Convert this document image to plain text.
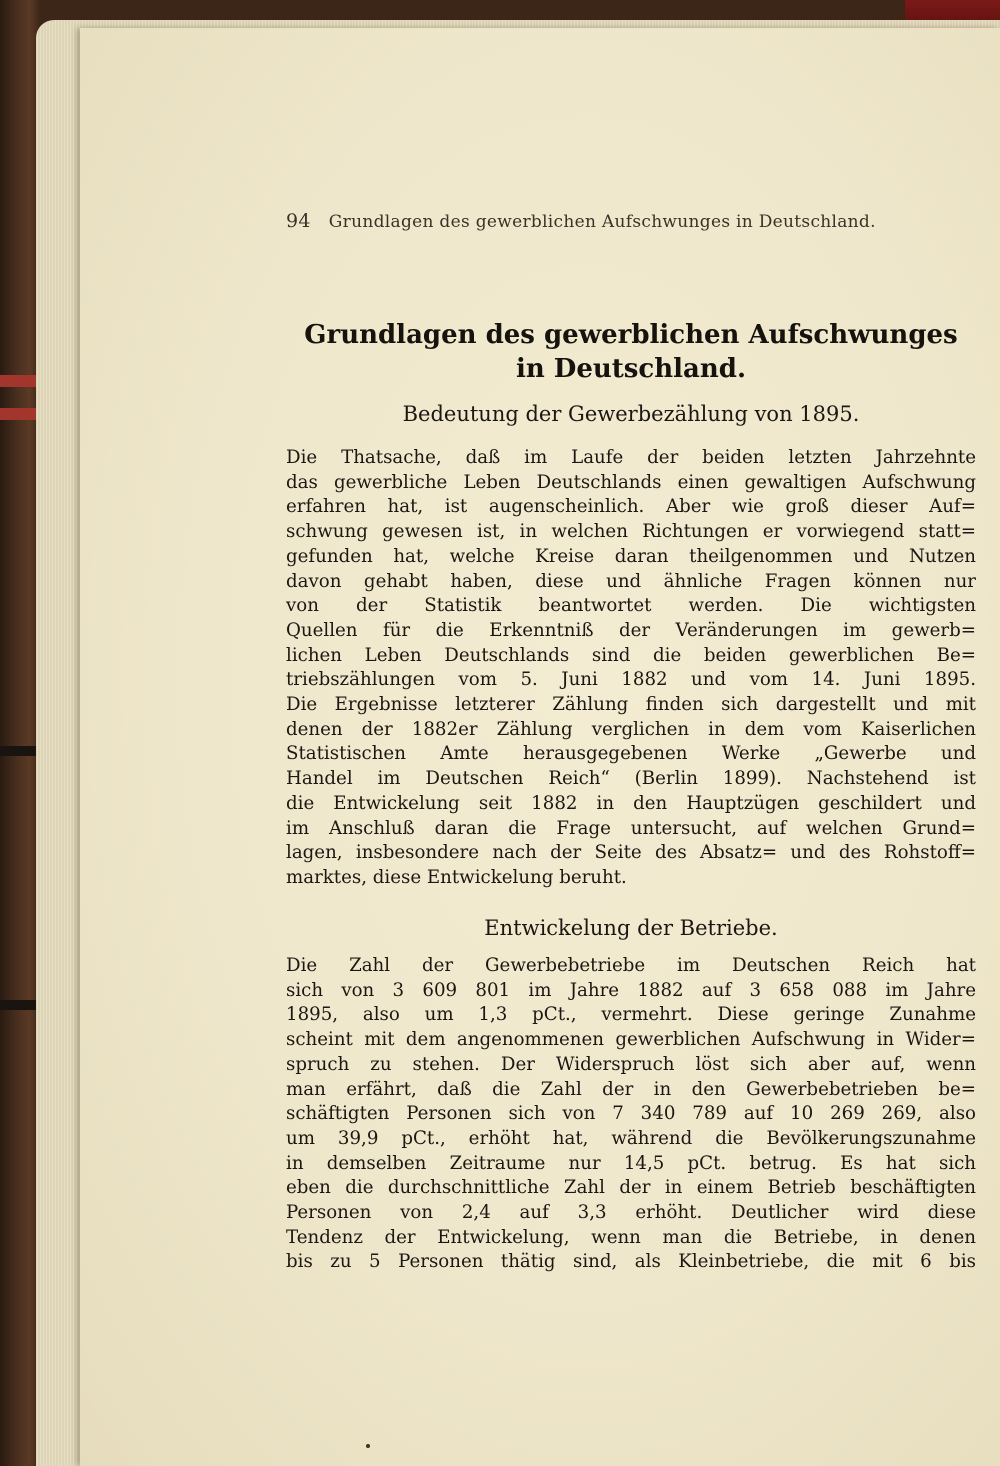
94 Grundlagen des gewerblichen Aufschwunges in Deutschland.
Grundlagen des gewerblichen Aufschwunges
in Deutschland.
Bedeutung der Gewerbezählung von 1895.
Die Thatsache, daß im Laufe der beiden letzten Jahrzehnte
das gewerbliche Leben Deutschlands einen gewaltigen Aufschwung
erfahren hat, ist augenscheinlich. Aber wie groß dieser Auf=
schwung gewesen ist, in welchen Richtungen er vorwiegend statt=
gefunden hat, welche Kreise daran theilgenommen und Nutzen
davon gehabt haben, diese und ähnliche Fragen können nur
von der Statistik beantwortet werden. Die wichtigsten
Quellen für die Erkenntniß der Veränderungen im gewerb=
lichen Leben Deutschlands sind die beiden gewerblichen Be=
triebszählungen vom 5. Juni 1882 und vom 14. Juni 1895.
Die Ergebnisse letzterer Zählung finden sich dargestellt und mit
denen der 1882er Zählung verglichen in dem vom Kaiserlichen
Statistischen Amte herausgegebenen Werke „Gewerbe und
Handel im Deutschen Reich“ (Berlin 1899). Nachstehend ist
die Entwickelung seit 1882 in den Hauptzügen geschildert und
im Anschluß daran die Frage untersucht, auf welchen Grund=
lagen, insbesondere nach der Seite des Absatz= und des Rohstoff=
marktes, diese Entwickelung beruht.
Entwickelung der Betriebe.
Die Zahl der Gewerbebetriebe im Deutschen Reich hat
sich von 3 609 801 im Jahre 1882 auf 3 658 088 im Jahre
1895, also um 1,3 pCt., vermehrt. Diese geringe Zunahme
scheint mit dem angenommenen gewerblichen Aufschwung in Wider=
spruch zu stehen. Der Widerspruch löst sich aber auf, wenn
man erfährt, daß die Zahl der in den Gewerbebetrieben be=
schäftigten Personen sich von 7 340 789 auf 10 269 269, also
um 39,9 pCt., erhöht hat, während die Bevölkerungszunahme
in demselben Zeitraume nur 14,5 pCt. betrug. Es hat sich
eben die durchschnittliche Zahl der in einem Betrieb beschäftigten
Personen von 2,4 auf 3,3 erhöht. Deutlicher wird diese
Tendenz der Entwickelung, wenn man die Betriebe, in denen
bis zu 5 Personen thätig sind, als Kleinbetriebe, die mit 6 bis
